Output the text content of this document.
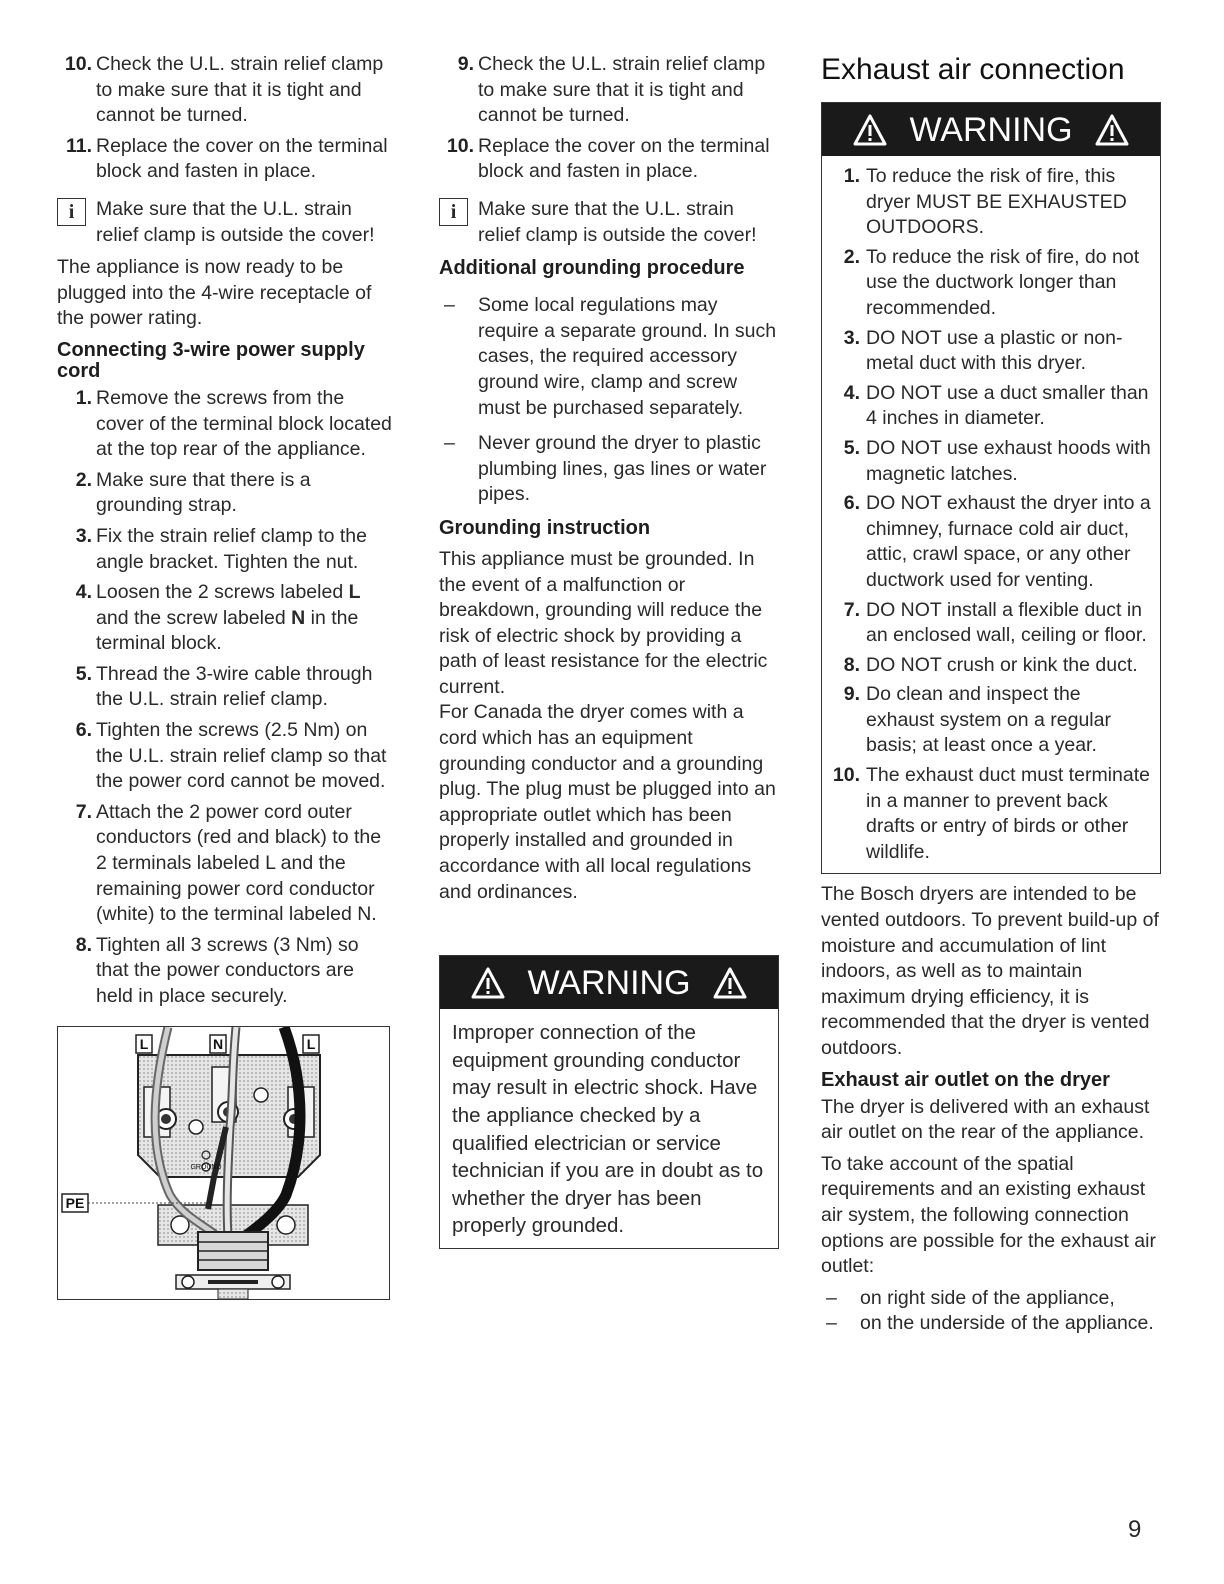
10. Check the U.L. strain relief clamp to make sure that it is tight and cannot be turned.
11. Replace the cover on the terminal block and fasten in place.
i	Make sure that the U.L. strain relief clamp is outside the cover!

The appliance is now ready to be plugged into the 4-wire receptacle of the power rating.

Connecting 3-wire power supply cord
1. Remove the screws from the cover of the terminal block located at the top rear of the appliance.
2. Make sure that there is a grounding strap.
3. Fix the strain relief clamp to the angle bracket. Tighten the nut.
4. Loosen the 2 screws labeled L and the screw labeled N in the terminal block.
5. Thread the 3-wire cable through the U.L. strain relief clamp.
6. Tighten the screws (2.5 Nm) on the U.L. strain relief clamp so that the power cord cannot be moved.
7. Attach the 2 power cord outer conductors (red and black) to the 2 terminals labeled L and the remaining power cord conductor (white) to the terminal labeled N.
8. Tighten all 3 screws (3 Nm) so that the power conductors are held in place securely.
L	N	L
PE
GROUND
9. Check the U.L. strain relief clamp to make sure that it is tight and cannot be turned.
10. Replace the cover on the terminal block and fasten in place.
i	Make sure that the U.L. strain relief clamp is outside the cover!
Additional grounding procedure
– Some local regulations may require a separate ground. In such cases, the required accessory ground wire, clamp and screw must be purchased separately.
– Never ground the dryer to plastic plumbing lines, gas lines or water pipes.
Grounding instruction

This appliance must be grounded. In the event of a malfunction or breakdown, grounding will reduce the risk of electric shock by providing a path of least resistance for the electric current.

For Canada the dryer comes with a cord which has an equipment grounding conductor and a grounding plug. The plug must be plugged into an appropriate outlet which has been properly installed and grounded in accordance with all local regulations and ordinances.

WARNING
Improper connection of the equipment grounding conductor may result in electric shock. Have the appliance checked by a qualified electrician or service technician if you are in doubt as to whether the dryer has been properly grounded.
Exhaust air connection
WARNING
1. To reduce the risk of fire, this dryer MUST BE EXHAUSTED OUTDOORS.
2. To reduce the risk of fire, do not use the ductwork longer than recommended.
3. DO NOT use a plastic or non-metal duct with this dryer.
4. DO NOT use a duct smaller than 4 inches in diameter.
5. DO NOT use exhaust hoods with magnetic latches.
6. DO NOT exhaust the dryer into a chimney, furnace cold air duct, attic, crawl space, or any other ductwork used for venting.
7. DO NOT install a flexible duct in an enclosed wall, ceiling or floor.
8. DO NOT crush or kink the duct.
9. Do clean and inspect the exhaust system on a regular basis; at least once a year.
10. The exhaust duct must terminate in a manner to prevent back drafts or entry of birds or other wildlife.

The Bosch dryers are intended to be vented outdoors. To prevent build-up of moisture and accumulation of lint indoors, as well as to maintain maximum drying efficiency, it is recommended that the dryer is vented outdoors.

Exhaust air outlet on the dryer

The dryer is delivered with an exhaust air outlet on the rear of the appliance.

To take account of the spatial requirements and an existing exhaust air system, the following connection options are possible for the exhaust air outlet:

– on right side of the appliance,
– on the underside of the appliance.
9
